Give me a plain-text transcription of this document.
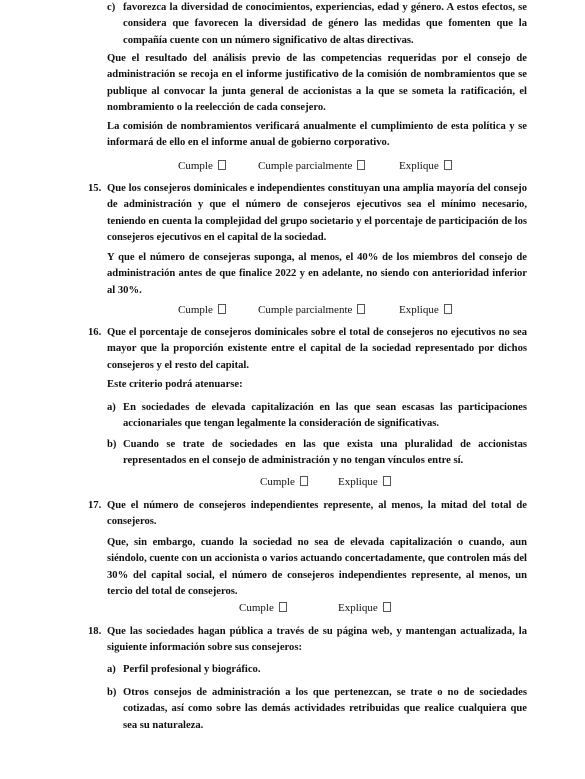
c) favorezca la diversidad de conocimientos, experiencias, edad y género. A estos efectos, se considera que favorecen la diversidad de género las medidas que fomenten que la compañía cuente con un número significativo de altas directivas.
Que el resultado del análisis previo de las competencias requeridas por el consejo de administración se recoja en el informe justificativo de la comisión de nombramientos que se publique al convocar la junta general de accionistas a la que se someta la ratificación, el nombramiento o la reelección de cada consejero.
La comisión de nombramientos verificará anualmente el cumplimiento de esta política y se informará de ello en el informe anual de gobierno corporativo.
Cumple	Cumple parcialmente	Explique
15. Que los consejeros dominicales e independientes constituyan una amplia mayoría del consejo de administración y que el número de consejeros ejecutivos sea el mínimo necesario, teniendo en cuenta la complejidad del grupo societario y el porcentaje de participación de los consejeros ejecutivos en el capital de la sociedad.
Y que el número de consejeras suponga, al menos, el 40% de los miembros del consejo de administración antes de que finalice 2022 y en adelante, no siendo con anterioridad inferior al 30%.
Cumple	Cumple parcialmente	Explique
16. Que el porcentaje de consejeros dominicales sobre el total de consejeros no ejecutivos no sea mayor que la proporción existente entre el capital de la sociedad representado por dichos consejeros y el resto del capital.
Este criterio podrá atenuarse:
a) En sociedades de elevada capitalización en las que sean escasas las participaciones accionariales que tengan legalmente la consideración de significativas.
b) Cuando se trate de sociedades en las que exista una pluralidad de accionistas representados en el consejo de administración y no tengan vínculos entre sí.
Cumple	Explique
17. Que el número de consejeros independientes represente, al menos, la mitad del total de consejeros.
Que, sin embargo, cuando la sociedad no sea de elevada capitalización o cuando, aun siéndolo, cuente con un accionista o varios actuando concertadamente, que controlen más del 30% del capital social, el número de consejeros independientes represente, al menos, un tercio del total de consejeros.
Cumple	Explique
18. Que las sociedades hagan pública a través de su página web, y mantengan actualizada, la siguiente información sobre sus consejeros:
a) Perfil profesional y biográfico.
b) Otros consejos de administración a los que pertenezcan, se trate o no de sociedades cotizadas, así como sobre las demás actividades retribuidas que realice cualquiera que sea su naturaleza.
